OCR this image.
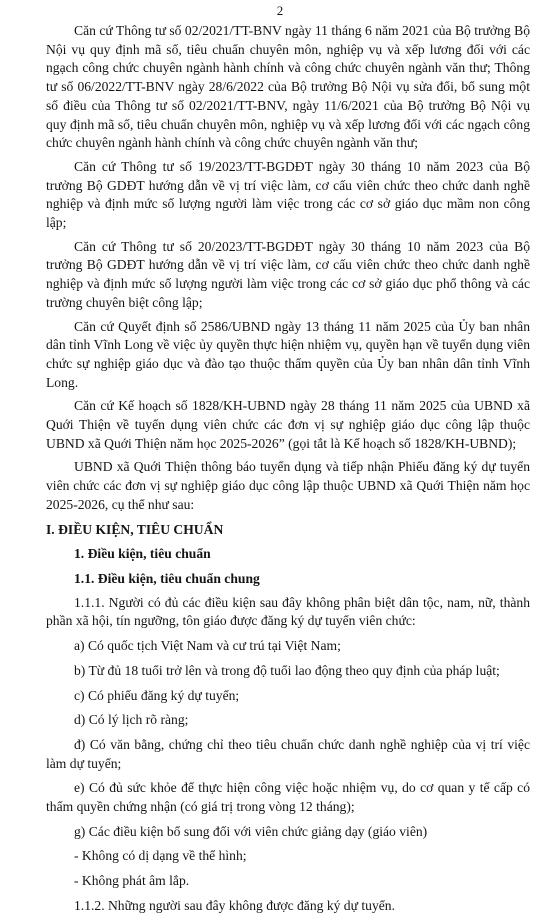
2

Căn cứ Thông tư số 02/2021/TT-BNV ngày 11 tháng 6 năm 2021 của Bộ trưởng Bộ Nội vụ quy định mã số, tiêu chuẩn chuyên môn, nghiệp vụ và xếp lương đối với các ngạch công chức chuyên ngành hành chính và công chức chuyên ngành văn thư; Thông tư số 06/2022/TT-BNV ngày 28/6/2022 của Bộ trưởng Bộ Nội vụ sửa đổi, bổ sung một số điều của Thông tư số 02/2021/TT-BNV, ngày 11/6/2021 của Bộ trưởng Bộ Nội vụ quy định mã số, tiêu chuẩn chuyên môn, nghiệp vụ và xếp lương đối với các ngạch công chức chuyên ngành hành chính và công chức chuyên ngành văn thư;

Căn cứ Thông tư số 19/2023/TT-BGDĐT ngày 30 tháng 10 năm 2023 của Bộ trưởng Bộ GDĐT hướng dẫn về vị trí việc làm, cơ cấu viên chức theo chức danh nghề nghiệp và định mức số lượng người làm việc trong các cơ sở giáo dục mầm non công lập;

Căn cứ Thông tư số 20/2023/TT-BGDĐT ngày 30 tháng 10 năm 2023 của Bộ trưởng Bộ GDĐT hướng dẫn về vị trí việc làm, cơ cấu viên chức theo chức danh nghề nghiệp và định mức số lượng người làm việc trong các cơ sở giáo dục phổ thông và các trường chuyên biệt công lập;

Căn cứ Quyết định số 2586/UBND ngày 13 tháng 11 năm 2025 của Ủy ban nhân dân tỉnh Vĩnh Long về việc ủy quyền thực hiện nhiệm vụ, quyền hạn về tuyển dụng viên chức sự nghiệp giáo dục và đào tạo thuộc thẩm quyền của Ủy ban nhân dân tỉnh Vĩnh Long.

Căn cứ Kế hoạch số 1828/KH-UBND ngày 28 tháng 11 năm 2025 của UBND xã Quới Thiện về tuyển dụng viên chức các đơn vị sự nghiệp giáo dục công lập thuộc UBND xã Quới Thiện năm học 2025-2026” (gọi tắt là Kế hoạch số 1828/KH-UBND);

UBND xã Quới Thiện thông báo tuyển dụng và tiếp nhận Phiếu đăng ký dự tuyển viên chức các đơn vị sự nghiệp giáo dục công lập thuộc UBND xã Quới Thiện năm học 2025-2026, cụ thể như sau:

I. ĐIỀU KIỆN, TIÊU CHUẨN

1. Điều kiện, tiêu chuẩn

1.1. Điều kiện, tiêu chuẩn chung

1.1.1. Người có đủ các điều kiện sau đây không phân biệt dân tộc, nam, nữ, thành phần xã hội, tín ngưỡng, tôn giáo được đăng ký dự tuyển viên chức:

a) Có quốc tịch Việt Nam và cư trú tại Việt Nam;

b) Từ đủ 18 tuổi trở lên và trong độ tuổi lao động theo quy định của pháp luật;

c) Có phiếu đăng ký dự tuyển;

d) Có lý lịch rõ ràng;

đ) Có văn bằng, chứng chỉ theo tiêu chuẩn chức danh nghề nghiệp của vị trí việc làm dự tuyển;

e) Có đủ sức khỏe để thực hiện công việc hoặc nhiệm vụ, do cơ quan y tế cấp có thẩm quyền chứng nhận (có giá trị trong vòng 12 tháng);

g) Các điều kiện bổ sung đối với viên chức giảng dạy (giáo viên)

- Không có dị dạng về thể hình;

- Không phát âm lắp.

1.1.2. Những người sau đây không được đăng ký dự tuyển.
